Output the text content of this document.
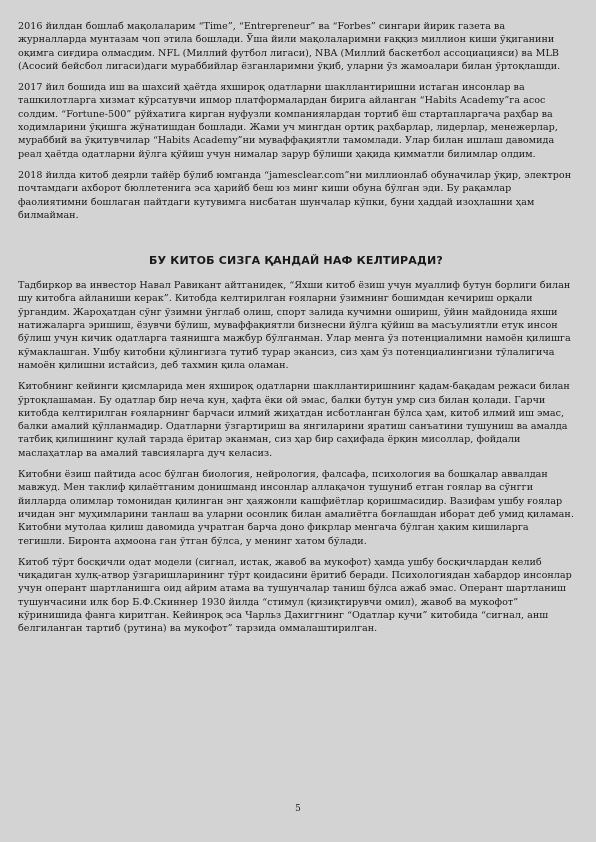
2016 йилдан бошлаб мақолаларим “Time”, “Entrepreneur” ва “Forbes” сингари йирик газета ва журналларда мунтазам чоп этила бошлади. Ўша йили мақолаларимни ғаққиз миллион киши ўқиганини оқимга сиғдира олмасдим. NFL (Миллий футбол лигаси), NBA (Миллий баскетбол ассоциацияси) ва MLB (Асосий бейсбол лигаси)даги мураббийлар ёзганларимни ўқиб, уларни ўз жамоалари билан ўртоқлашди.

2017 йил бошида иш ва шахсий ҳаётда яхшироқ одатларни шакллантиришни истаган инсонлар ва ташкилотларга хизмат кўрсатувчи ипмор платформалардан бирига айланган “Habits Academy”га асос солдим. “Fortune-500” рўйхатига кирган нуфузли компаниялардан тортиб ёш стартапларгача раҳбар ва ходимларини ўқишга жўнатишдан бошлади. Жами уч мингдан ортиқ раҳбарлар, лидерлар, менежерлар, мураббий ва ўқитувчилар “Habits Academy”ни муваффақиятли тамомлади. Улар билан ишлаш давомида реал ҳаётда одатларни йўлга қўйиш учун нималар зарур бўлиши ҳақида қимматли билимлар олдим.

2018 йилда китоб деярли тайёр бўлиб юмганда “jamesclear.com”ни миллионлаб обуначилар ўқир, электрон почтамдаги ахборот бюллетенига эса ҳарийб беш юз минг киши обуна бўлган эди. Бу рақамлар фаолиятимни бошлаган пайтдаги кутувимга нисбатан шунчалар кўпки, буни ҳаддай изоҳлашни ҳам билмайман.

БУ КИТОБ СИЗГА ҚАНДАЙ НАФ КЕЛТИРАДИ?

Тадбиркор ва инвестор Навал Равикант айтганидек, “Яхши китоб ёзиш учун муаллиф бутун борлиги билан шу китобга айланиши керак”. Китобда келтирилган ғояларни ўзимнинг бошимдан кечириш орқали ўргандим. Жароҳатдан сўнг ўзимни ўнглаб олиш, спорт залида кучимни ошириш, ўйин майдонида яхши натижаларга эришиш, ёзувчи бўлиш, муваффақиятли бизнесни йўлга қўйиш ва масъулиятли етук инсон бўлиш учун кичик одатларга таянишга мажбур бўлганман. Улар менга ўз потенциалимни намоён қилишга кўмаклашган. Ушбу китобни қўлингизга тутиб турар экансиз, сиз ҳам ўз потенциалингизни тўлалигича намоён қилишни истайсиз, деб тахмин қила оламан.

Китобнинг кейинги қисмларида мен яхшироқ одатларни шакллантиришнинг қадам-бақадам режаси билан ўртоқлашаман. Бу одатлар бир неча кун, ҳафта ёки ой эмас, балки бутун умр сиз билан қолади. Гарчи китобда келтирилган ғояларнинг барчаси илмий жиҳатдан исботланган бўлса ҳам, китоб илмий иш эмас, балки амалий қўлланмадир. Одатларни ўзгартириш ва янгиларини яратиш санъатини тушуниш ва амалда татбиқ қилишнинг қулай тарзда ёритар эканман, сиз ҳар бир саҳифада ёрқин мисоллар, фойдали маслаҳатлар ва амалий тавсияларга дуч келасиз.

Китобни ёзиш пайтида асос бўлган биология, нейрология, фалсафа, психология ва бошқалар аввалдан мавжуд. Мен таклиф қилаётганим донишманд инсонлар аллақачон тушуниб етган гоялар ва сўнгги йилларда олимлар томонидан қилинган энг ҳаяжонли кашфиётлар қоришмасидир. Вазифам ушбу ғоялар ичидан энг муҳимларини танлаш ва уларни осонлик билан амалиётга боғлашдан иборат деб умид қиламан. Китобни мутолаа қилиш давомида учратган барча доно фикрлар менгача бўлган ҳаким кишиларга тегишли. Биронта аҳмоона ган ўтган бўлса, у менинг хатом бўлади.

Китоб тўрт босқичли одат модели (сигнал, истак, жавоб ва мукофот) ҳамда ушбу босқичлардан келиб чиқадиган хулқ-атвор ўзгаришларининг тўрт қоидасини ёритиб беради. Психологиядан хабардор инсонлар учун оперант шартланишга оид айрим атама ва тушунчалар таниш бўлса ажаб эмас. Оперант шартланиш тушунчасини илк бор Б.Ф.Скиннер 1930 йилда “стимул (қизиқтирувчи омил), жавоб ва мукофот” кўринишида фанга киритган. Кейинроқ эса Чарльз Дахиггнинг “Одатлар кучи” китобида “сигнал, анш белгиланган тартиб (рутина) ва мукофот” тарзида оммалаштирилган.

5
